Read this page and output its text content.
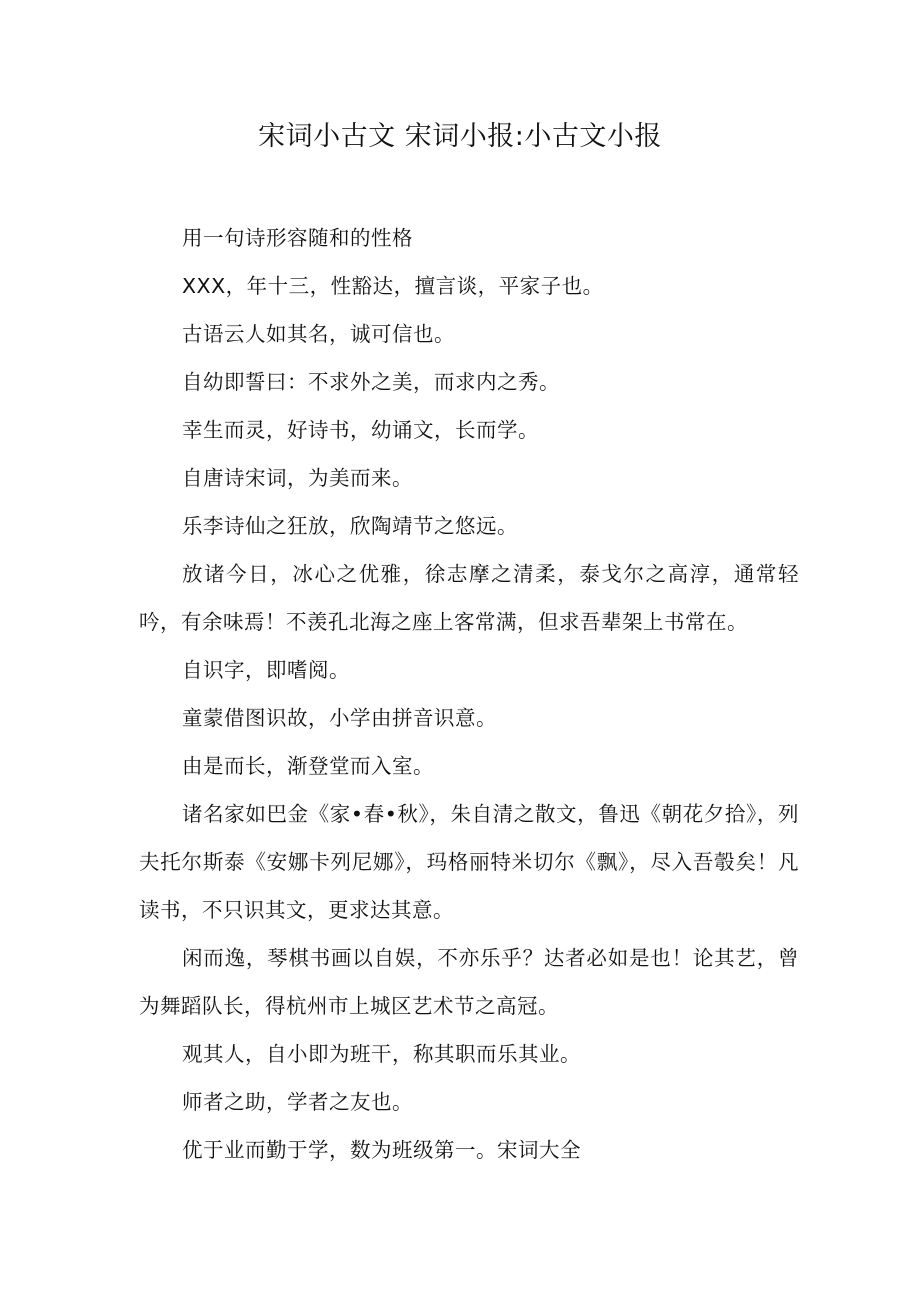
宋词小古文 宋词小报:小古文小报

用一句诗形容随和的性格

XXX，年十三，性豁达，擅言谈，平家子也。

古语云人如其名，诚可信也。

自幼即誓曰：不求外之美，而求内之秀。

幸生而灵，好诗书，幼诵文，长而学。

自唐诗宋词，为美而来。

乐李诗仙之狂放，欣陶靖节之悠远。

放诸今日，冰心之优雅，徐志摩之清柔，泰戈尔之高淳，通常轻吟，有余味焉！不羡孔北海之座上客常满，但求吾辈架上书常在。

自识字，即嗜阅。

童蒙借图识故，小学由拼音识意。

由是而长，渐登堂而入室。

诸名家如巴金《家•春•秋》，朱自清之散文，鲁迅《朝花夕拾》，列夫托尔斯泰《安娜卡列尼娜》，玛格丽特米切尔《飘》，尽入吾彀矣！凡读书，不只识其文，更求达其意。

闲而逸，琴棋书画以自娱，不亦乐乎？达者必如是也！论其艺，曾为舞蹈队长，得杭州市上城区艺术节之高冠。

观其人，自小即为班干，称其职而乐其业。

师者之助，学者之友也。

优于业而勤于学，数为班级第一。宋词大全
